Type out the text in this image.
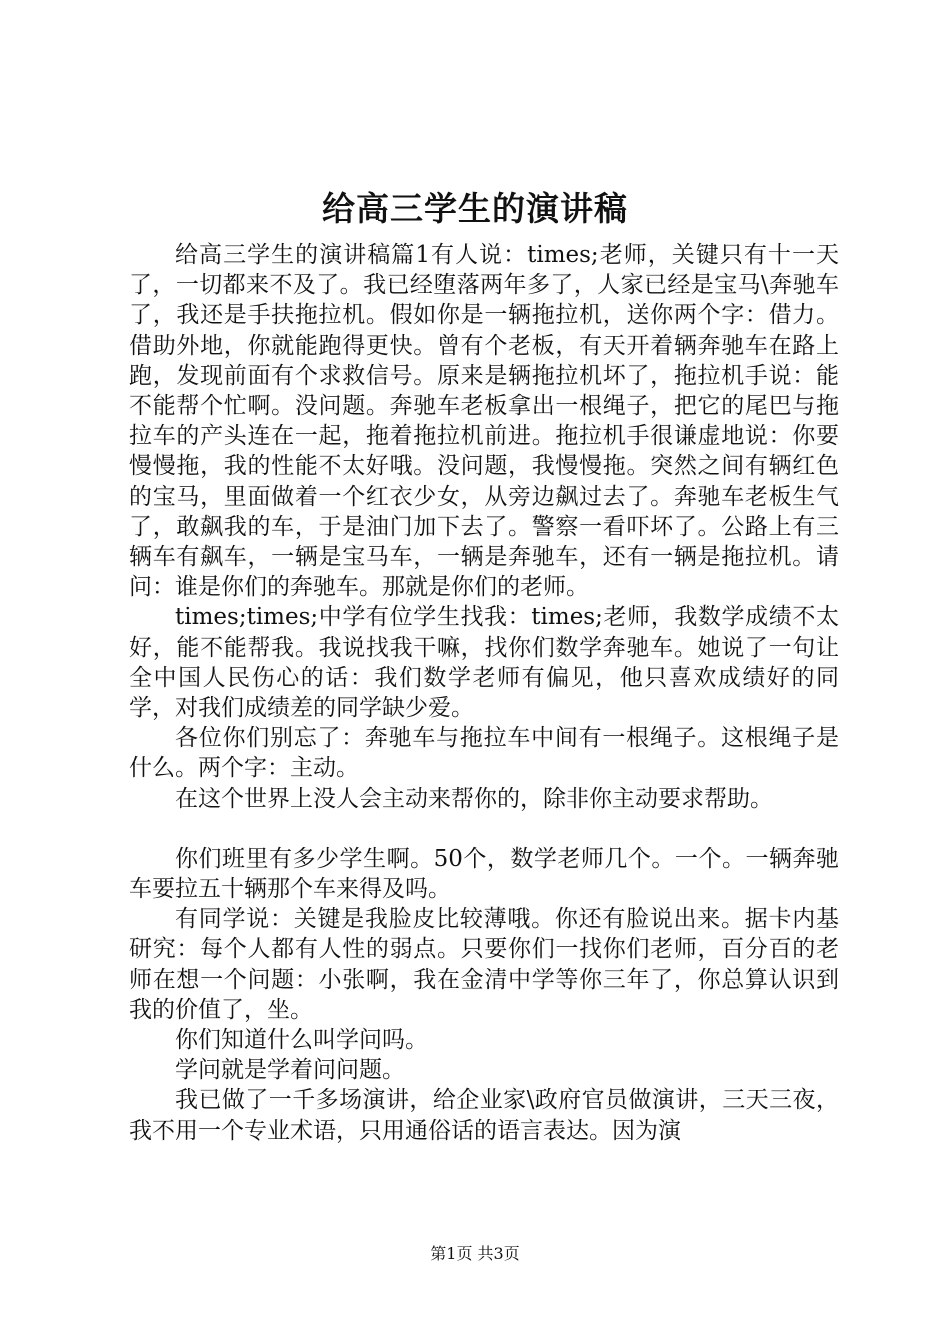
给高三学生的演讲稿

给高三学生的演讲稿篇1有人说：times;老师，关键只有十一天了，一切都来不及了。我已经堕落两年多了，人家已经是宝马\奔驰车了，我还是手扶拖拉机。假如你是一辆拖拉机，送你两个字：借力。借助外地，你就能跑得更快。曾有个老板，有天开着辆奔驰车在路上跑，发现前面有个求救信号。原来是辆拖拉机坏了，拖拉机手说：能不能帮个忙啊。没问题。奔驰车老板拿出一根绳子，把它的尾巴与拖拉车的产头连在一起，拖着拖拉机前进。拖拉机手很谦虚地说：你要慢慢拖，我的性能不太好哦。没问题，我慢慢拖。突然之间有辆红色的宝马，里面做着一个红衣少女，从旁边飙过去了。奔驰车老板生气了，敢飙我的车，于是油门加下去了。警察一看吓坏了。公路上有三辆车有飙车，一辆是宝马车，一辆是奔驰车，还有一辆是拖拉机。请问：谁是你们的奔驰车。那就是你们的老师。

times;times;中学有位学生找我：times;老师，我数学成绩不太好，能不能帮我。我说找我干嘛，找你们数学奔驰车。她说了一句让全中国人民伤心的话：我们数学老师有偏见，他只喜欢成绩好的同学，对我们成绩差的同学缺少爱。

各位你们别忘了：奔驰车与拖拉车中间有一根绳子。这根绳子是什么。两个字：主动。

在这个世界上没人会主动来帮你的，除非你主动要求帮助。

你们班里有多少学生啊。50个，数学老师几个。一个。一辆奔驰车要拉五十辆那个车来得及吗。

有同学说：关键是我脸皮比较薄哦。你还有脸说出来。据卡内基研究：每个人都有人性的弱点。只要你们一找你们老师，百分百的老师在想一个问题：小张啊，我在金清中学等你三年了，你总算认识到我的价值了，坐。

你们知道什么叫学问吗。

学问就是学着问问题。

我已做了一千多场演讲，给企业家\政府官员做演讲，三天三夜，我不用一个专业术语，只用通俗话的语言表达。因为演

第1页 共3页
